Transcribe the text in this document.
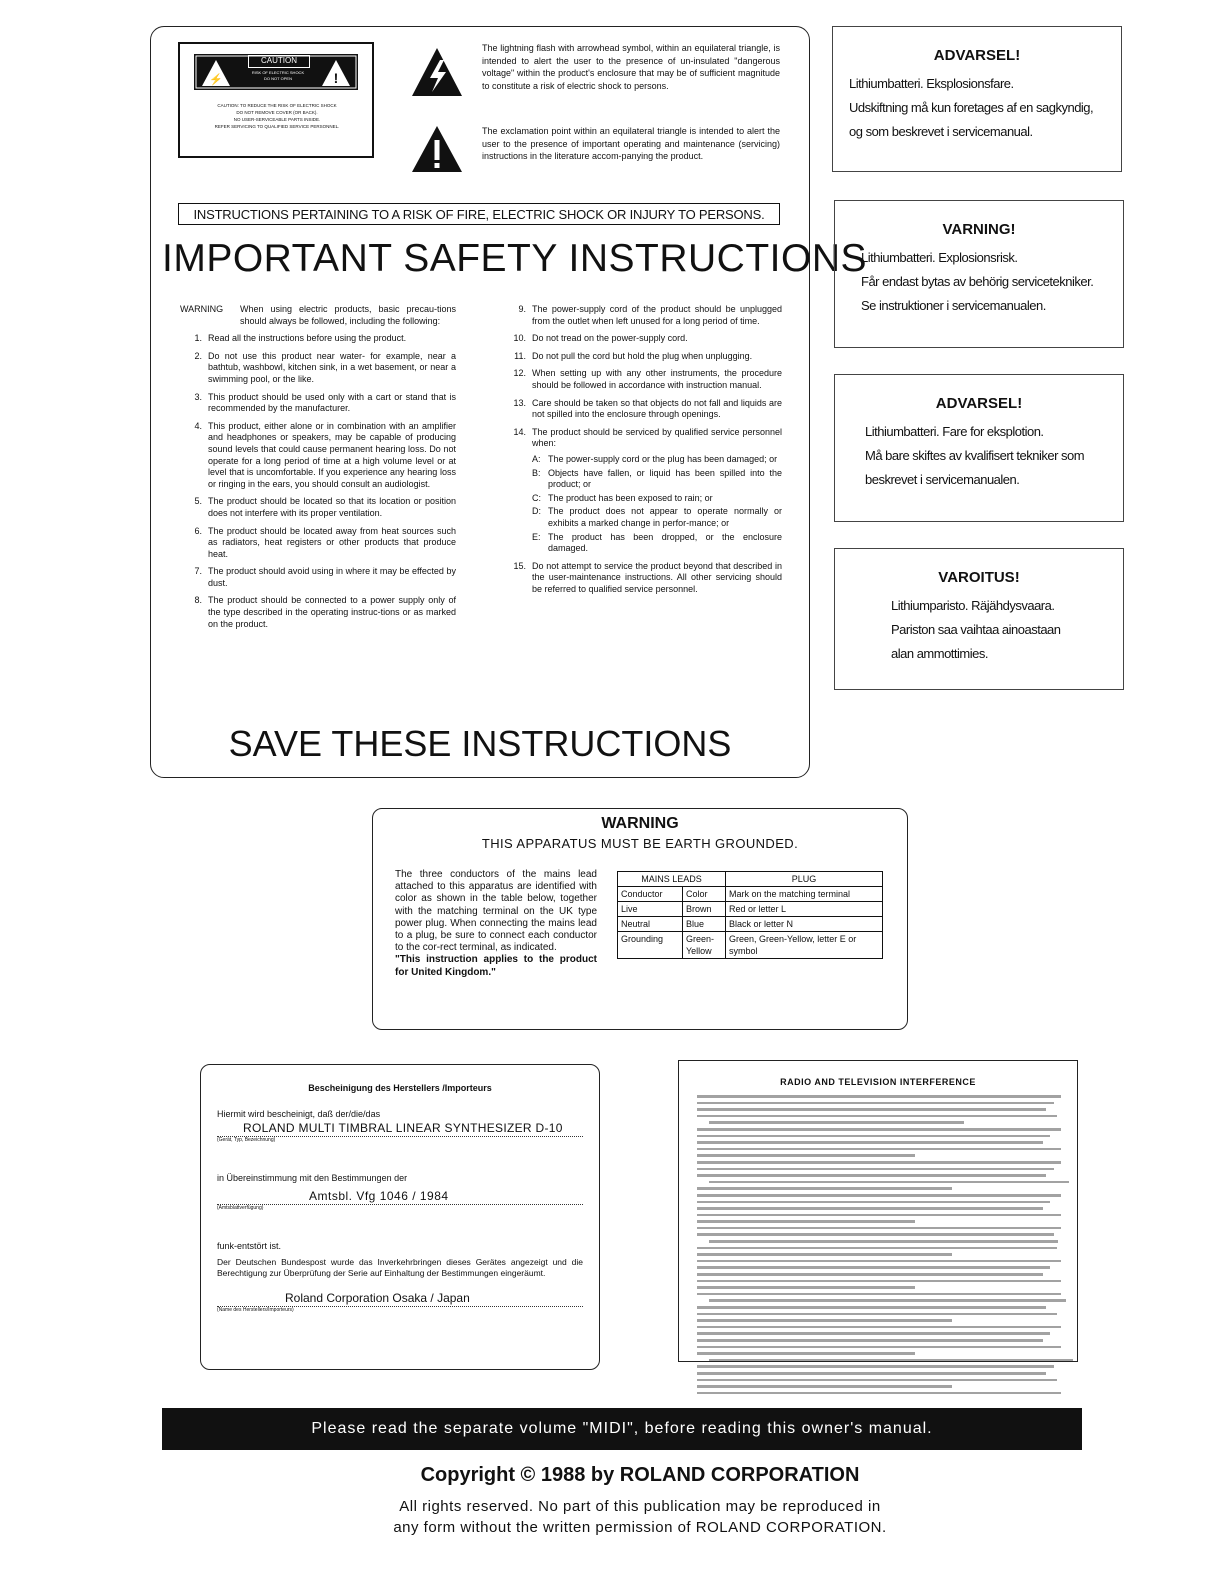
⚡	!
CAUTION
RISK OF ELECTRIC SHOCK
DO NOT OPEN
CAUTION: TO REDUCE THE RISK OF ELECTRIC SHOCK
DO NOT REMOVE COVER (OR BACK).
NO USER-SERVICEABLE PARTS INSIDE.
REFER SERVICING TO QUALIFIED SERVICE PERSONNEL.
The lightning flash with arrowhead symbol, within an equilateral triangle, is intended to alert the user to the presence of un-insulated "dangerous voltage" within the product's enclosure that may be of sufficient magnitude to constitute a risk of electric shock to persons.
The exclamation point within an equilateral triangle is intended to alert the user to the presence of important operating and maintenance (servicing) instructions in the literature accom-panying the product.
INSTRUCTIONS PERTAINING TO A RISK OF FIRE, ELECTRIC SHOCK OR INJURY TO PERSONS.
IMPORTANT SAFETY INSTRUCTIONS
WARNING	When using electric products, basic precau-tions should always be followed, including the following:
1. Read all the instructions before using the product.
2. Do not use this product near water- for example, near a bathtub, washbowl, kitchen sink, in a wet basement, or near a swimming pool, or the like.
3. This product should be used only with a cart or stand that is recommended by the manufacturer.
4. This product, either alone or in combination with an amplifier and headphones or speakers, may be capable of producing sound levels that could cause permanent hearing loss. Do not operate for a long period of time at a high volume level or at level that is uncomfortable. If you experience any hearing loss or ringing in the ears, you should consult an audiologist.
5. The product should be located so that its location or position does not interfere with its proper ventilation.
6. The product should be located away from heat sources such as radiators, heat registers or other products that produce heat.
7. The product should avoid using in where it may be effected by dust.
8. The product should be connected to a power supply only of the type described in the operating instruc-tions or as marked on the product.
9. The power-supply cord of the product should be unplugged from the outlet when left unused for a long period of time.
10. Do not tread on the power-supply cord.
11. Do not pull the cord but hold the plug when unplugging.
12. When setting up with any other instruments, the procedure should be followed in accordance with instruction manual.
13. Care should be taken so that objects do not fall and liquids are not spilled into the enclosure through openings.
14. The product should be serviced by qualified service personnel when:
A: The power-supply cord or the plug has been damaged; or
B: Objects have fallen, or liquid has been spilled into the product; or
C: The product has been exposed to rain; or
D: The product does not appear to operate normally or exhibits a marked change in perfor-mance; or
E: The product has been dropped, or the enclosure damaged.
15. Do not attempt to service the product beyond that described in the user-maintenance instructions. All other servicing should be referred to qualified service personnel.
SAVE THESE INSTRUCTIONS
ADVARSEL!
Lithiumbatteri. Eksplosionsfare.
Udskiftning må kun foretages af en sagkyndig,
og som beskrevet i servicemanual.
VARNING!
Lithiumbatteri. Explosionsrisk.
Får endast bytas av behörig servicetekniker.
Se instruktioner i servicemanualen.
ADVARSEL!
Lithiumbatteri. Fare for eksplotion.
Må bare skiftes av kvalifisert tekniker som
beskrevet i servicemanualen.
VAROITUS!
Lithiumparisto. Räjähdysvaara.
Pariston saa vaihtaa ainoastaan
alan ammottimies.
WARNING
THIS APPARATUS MUST BE EARTH GROUNDED.
The three conductors of the mains lead attached to this apparatus are identified with color as shown in the table below, together with the matching terminal on the UK type power plug. When connecting the mains lead to a plug, be sure to connect each conductor to the cor-rect terminal, as indicated.
"This instruction applies to the product for United Kingdom."
MAINS LEADS		PLUG
Conductor	Color	Mark on the matching terminal
Live	Brown	Red or letter L
Neutral	Blue	Black or letter N
Grounding	Green-Yellow	Green, Green-Yellow, letter E or symbol
Bescheinigung des Herstellers /Importeurs
Hiermit wird bescheinigt, daß der/die/das
ROLAND MULTI TIMBRAL LINEAR SYNTHESIZER D-10
(Gerät, Typ, Bezeichnung)
in Übereinstimmung mit den Bestimmungen der
Amtsbl. Vfg 1046 / 1984
(Amtsblattverfügung)
funk-entstört ist.
Der Deutschen Bundespost wurde das Inverkehrbringen dieses Gerätes angezeigt und die Berechtigung zur Überprüfung der Serie auf Einhaltung der Bestimmungen eingeräumt.
Roland Corporation Osaka / Japan
(Name des Herstellers/Importeurs)
RADIO AND TELEVISION INTERFERENCE
Please read the separate volume "MIDI", before reading this owner's manual.
Copyright © 1988 by ROLAND CORPORATION
All rights reserved. No part of this publication may be reproduced in
any form without the written permission of ROLAND CORPORATION.
